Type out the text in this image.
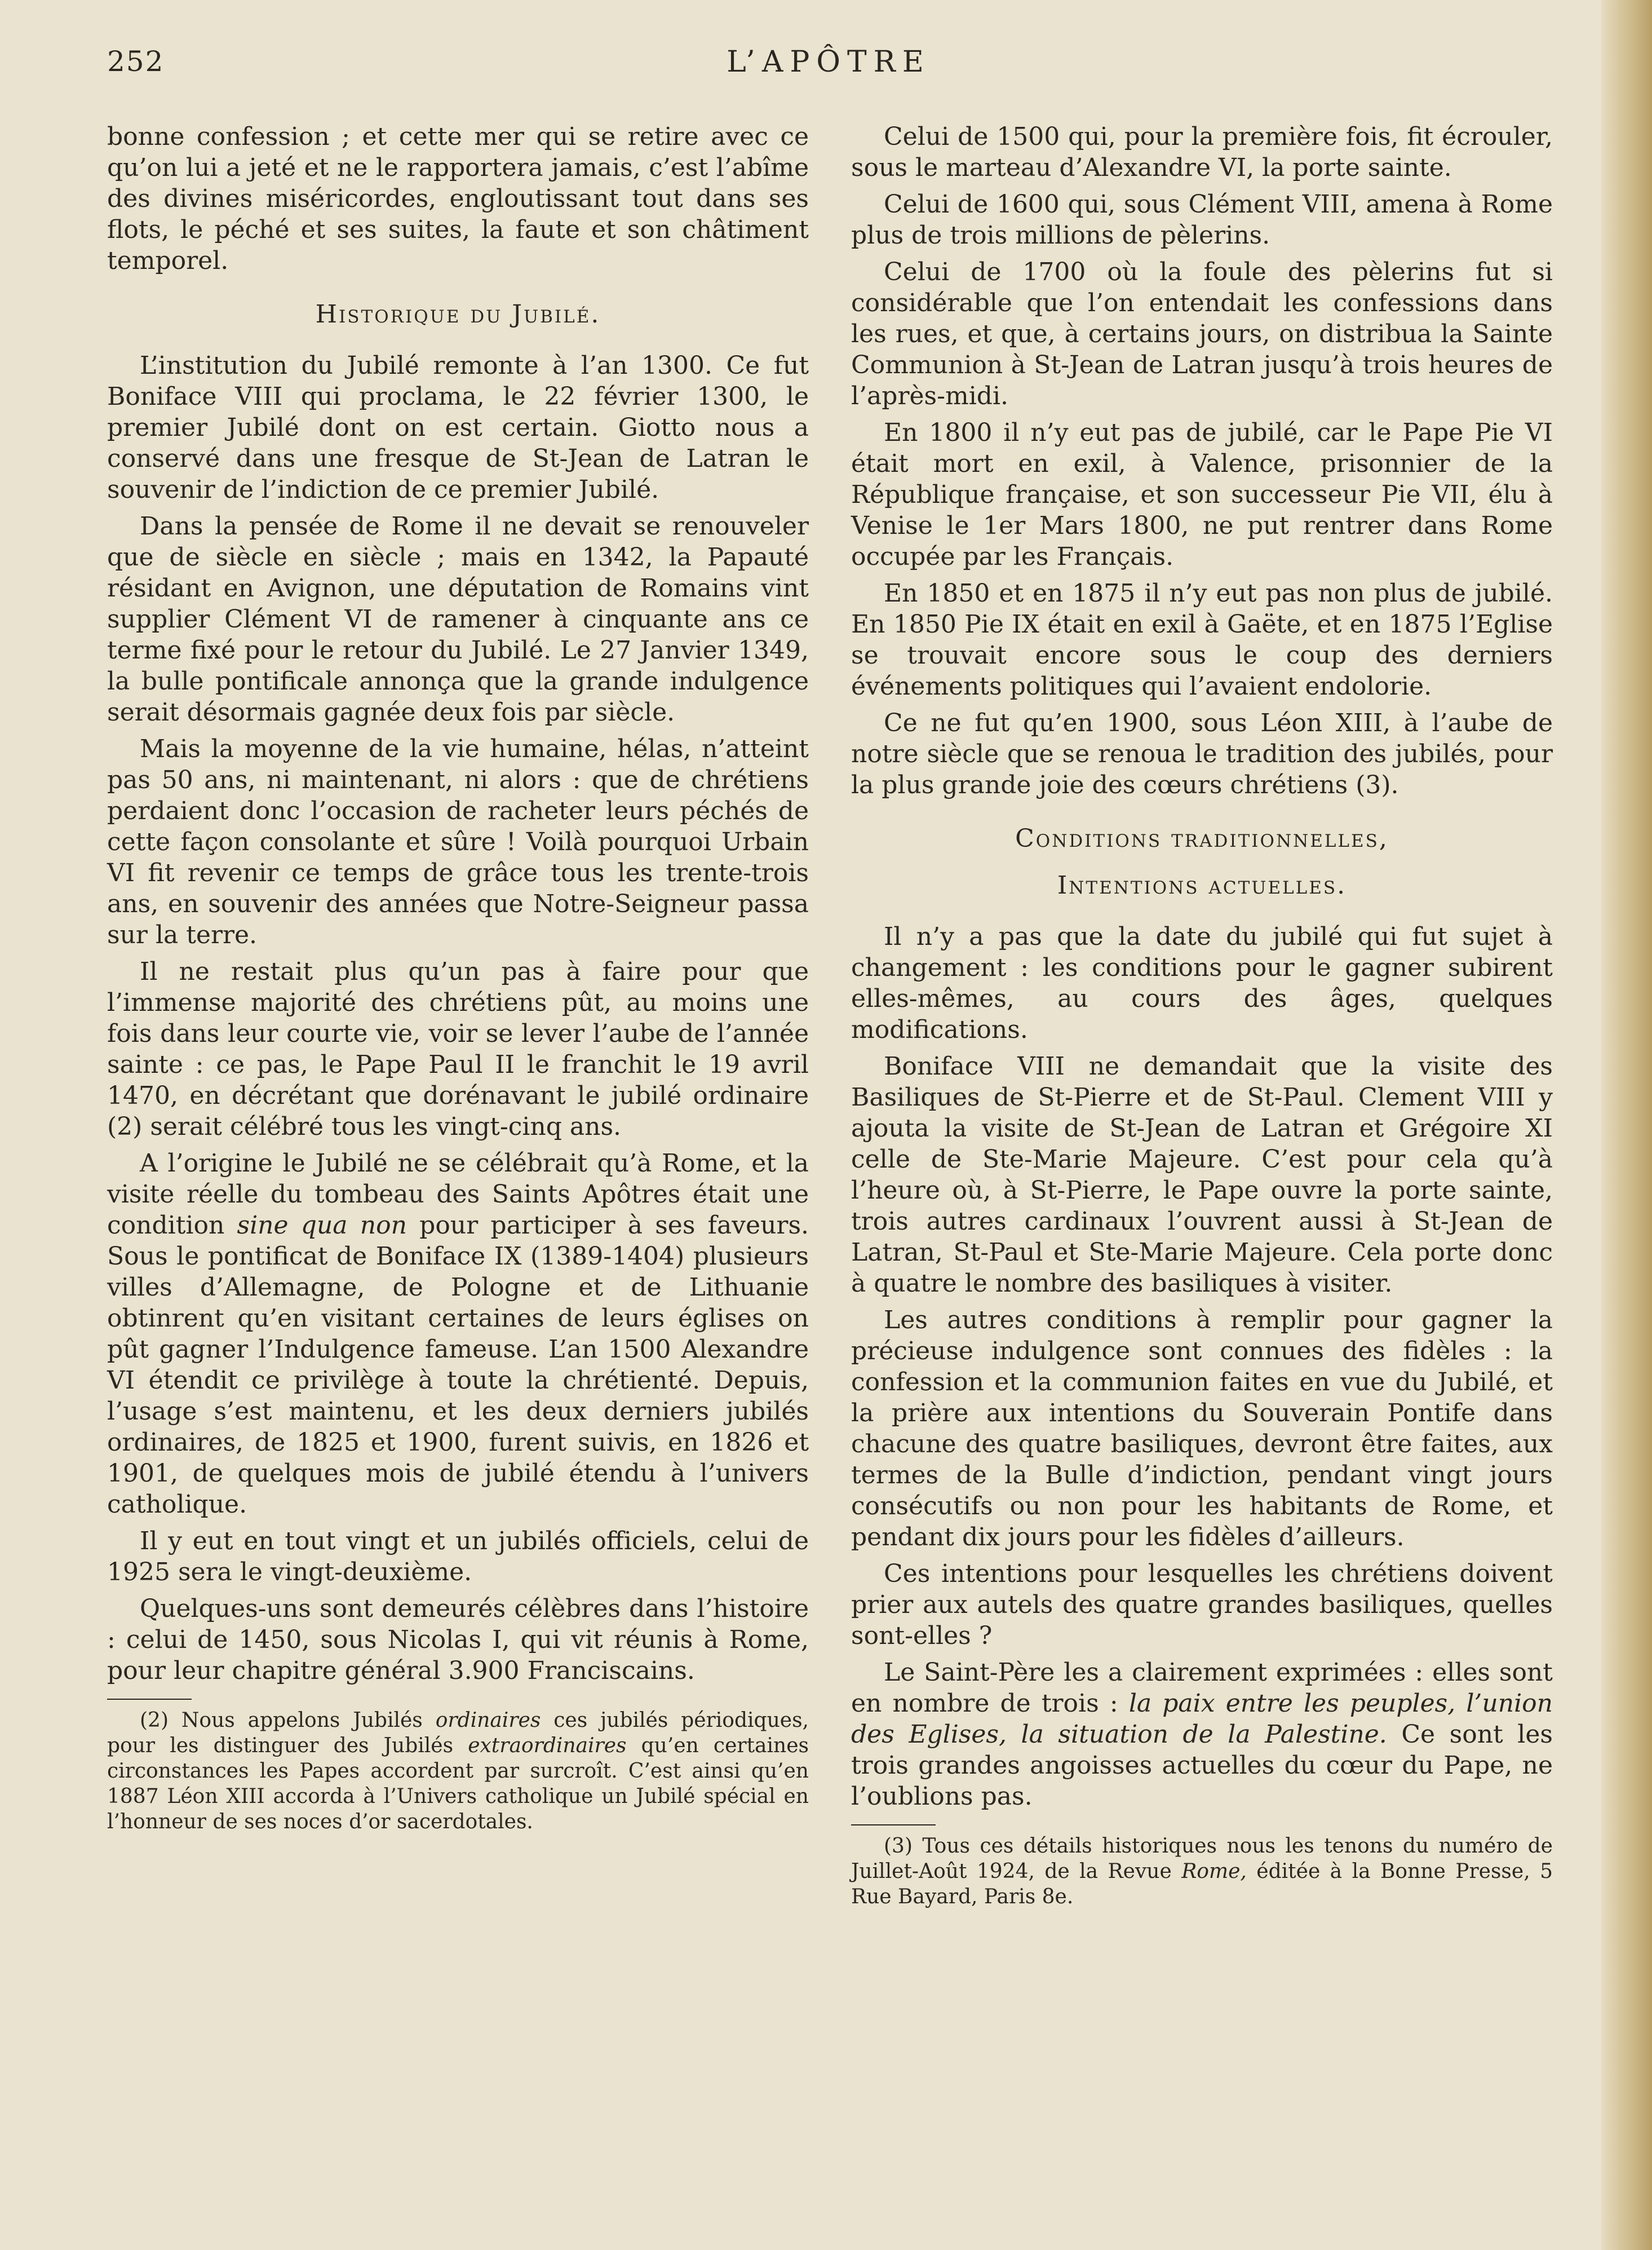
252	L’APÔTRE

bonne confession ; et cette mer qui se retire avec ce qu’on lui a jeté et ne le rapportera jamais, c’est l’abîme des divines miséricordes, engloutissant tout dans ses flots, le péché et ses suites, la faute et son châtiment temporel.

Historique du Jubilé.

L’institution du Jubilé remonte à l’an 1300. Ce fut Boniface VIII qui proclama, le 22 février 1300, le premier Jubilé dont on est certain. Giotto nous a conservé dans une fresque de St-Jean de Latran le souvenir de l’indiction de ce premier Jubilé.

Dans la pensée de Rome il ne devait se renouveler que de siècle en siècle ; mais en 1342, la Papauté résidant en Avignon, une députation de Romains vint supplier Clément VI de ramener à cinquante ans ce terme fixé pour le retour du Jubilé. Le 27 Janvier 1349, la bulle pontificale annonça que la grande indulgence serait désormais gagnée deux fois par siècle.

Mais la moyenne de la vie humaine, hélas, n’atteint pas 50 ans, ni maintenant, ni alors : que de chrétiens perdaient donc l’occasion de racheter leurs péchés de cette façon consolante et sûre ! Voilà pourquoi Urbain VI fit revenir ce temps de grâce tous les trente-trois ans, en souvenir des années que Notre-Seigneur passa sur la terre.

Il ne restait plus qu’un pas à faire pour que l’immense majorité des chrétiens pût, au moins une fois dans leur courte vie, voir se lever l’aube de l’année sainte : ce pas, le Pape Paul II le franchit le 19 avril 1470, en décrétant que dorénavant le jubilé ordinaire (2) serait célébré tous les vingt-cinq ans.

A l’origine le Jubilé ne se célébrait qu’à Rome, et la visite réelle du tombeau des Saints Apôtres était une condition sine qua non pour participer à ses faveurs. Sous le pontificat de Boniface IX (1389-1404) plusieurs villes d’Allemagne, de Pologne et de Lithuanie obtinrent qu’en visitant certaines de leurs églises on pût gagner l’Indulgence fameuse. L’an 1500 Alexandre VI étendit ce privilège à toute la chrétienté. Depuis, l’usage s’est maintenu, et les deux derniers jubilés ordinaires, de 1825 et 1900, furent suivis, en 1826 et 1901, de quelques mois de jubilé étendu à l’univers catholique.

Il y eut en tout vingt et un jubilés officiels, celui de 1925 sera le vingt-deuxième.

Quelques-uns sont demeurés célèbres dans l’histoire : celui de 1450, sous Nicolas I, qui vit réunis à Rome, pour leur chapitre général 3.900 Franciscains.

(2) Nous appelons Jubilés ordinaires ces jubilés périodiques, pour les distinguer des Jubilés extraordinaires qu’en certaines circonstances les Papes accordent par surcroît. C’est ainsi qu’en 1887 Léon XIII accorda à l’Univers catholique un Jubilé spécial en l’honneur de ses noces d’or sacerdotales.

Celui de 1500 qui, pour la première fois, fit écrouler, sous le marteau d’Alexandre VI, la porte sainte.

Celui de 1600 qui, sous Clément VIII, amena à Rome plus de trois millions de pèlerins.

Celui de 1700 où la foule des pèlerins fut si considérable que l’on entendait les confessions dans les rues, et que, à certains jours, on distribua la Sainte Communion à St-Jean de Latran jusqu’à trois heures de l’après-midi.

En 1800 il n’y eut pas de jubilé, car le Pape Pie VI était mort en exil, à Valence, prisonnier de la République française, et son successeur Pie VII, élu à Venise le 1er Mars 1800, ne put rentrer dans Rome occupée par les Français.

En 1850 et en 1875 il n’y eut pas non plus de jubilé. En 1850 Pie IX était en exil à Gaëte, et en 1875 l’Eglise se trouvait encore sous le coup des derniers événements politiques qui l’avaient endolorie.

Ce ne fut qu’en 1900, sous Léon XIII, à l’aube de notre siècle que se renoua le tradition des jubilés, pour la plus grande joie des cœurs chrétiens (3).

Conditions traditionnelles,
Intentions actuelles.

Il n’y a pas que la date du jubilé qui fut sujet à changement : les conditions pour le gagner subirent elles-mêmes, au cours des âges, quelques modifications.

Boniface VIII ne demandait que la visite des Basiliques de St-Pierre et de St-Paul. Clement VIII y ajouta la visite de St-Jean de Latran et Grégoire XI celle de Ste-Marie Majeure. C’est pour cela qu’à l’heure où, à St-Pierre, le Pape ouvre la porte sainte, trois autres cardinaux l’ouvrent aussi à St-Jean de Latran, St-Paul et Ste-Marie Majeure. Cela porte donc à quatre le nombre des basiliques à visiter.

Les autres conditions à remplir pour gagner la précieuse indulgence sont connues des fidèles : la confession et la communion faites en vue du Jubilé, et la prière aux intentions du Souverain Pontife dans chacune des quatre basiliques, devront être faites, aux termes de la Bulle d’indiction, pendant vingt jours consécutifs ou non pour les habitants de Rome, et pendant dix jours pour les fidèles d’ailleurs.

Ces intentions pour lesquelles les chrétiens doivent prier aux autels des quatre grandes basiliques, quelles sont-elles ?

Le Saint-Père les a clairement exprimées : elles sont en nombre de trois : la paix entre les peuples, l’union des Eglises, la situation de la Palestine. Ce sont les trois grandes angoisses actuelles du cœur du Pape, ne l’oublions pas.

(3) Tous ces détails historiques nous les tenons du numéro de Juillet-Août 1924, de la Revue Rome, éditée à la Bonne Presse, 5 Rue Bayard, Paris 8e.
